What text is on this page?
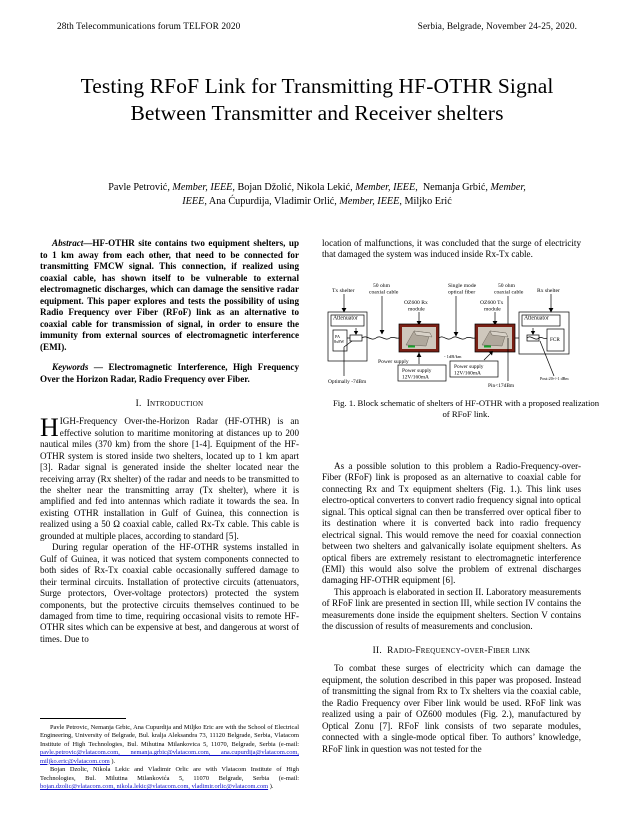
28th Telecommunications forum TELFOR 2020	Serbia, Belgrade, November 24-25, 2020.
Testing RFoF Link for Transmitting HF-OTHR Signal Between Transmitter and Receiver shelters
Pavle Petrović, Member, IEEE, Bojan Džolić, Nikola Lekić, Member, IEEE,  Nemanja Grbić, Member,
IEEE, Ana Ćupurdija, Vladimir Orlić, Member, IEEE, Miljko Erić

Abstract—HF-OTHR site contains two equipment shelters, up to 1 km away from each other, that need to be connected for transmitting FMCW signal. This connection, if realized using coaxial cable, has shown itself to be vulnerable to external electromagnetic discharges, which can damage the sensitive radar equipment. This paper explores and tests the possibility of using Radio Frequency over Fiber (RFoF) link as an alternative to coaxial cable for transmission of signal, in order to ensure the immunity from external sources of electromagnetic interference (EMI).

Keywords — Electromagnetic Interference, High Frequency Over the Horizon Radar, Radio Frequency over Fiber.

I. Introduction

HIGH-Frequency Over-the-Horizon Radar (HF-OTHR) is an effective solution to maritime monitoring at distances up to 200 nautical miles (370 km) from the shore [1-4]. Equipment of the HF-OTHR system is stored inside two shelters, located up to 1 km apart [3]. Radar signal is generated inside the shelter located near the receiving array (Rx shelter) of the radar and needs to be transmitted to the shelter near the transmitting array (Tx shelter), where it is amplified and fed into antennas which radiate it towards the sea. In existing OTHR installation in Gulf of Guinea, this connection is realized using a 50 Ω coaxial cable, called Rx-Tx cable. This cable is grounded at multiple places, according to standard [5].

During regular operation of the HF-OTHR systems installed in Gulf of Guinea, it was noticed that system components connected to both sides of Rx-Tx coaxial cable occasionally suffered damage to their terminal circuits. Installation of protective circuits (attenuators, Surge protectors, Over-voltage protectors) protected the system components, but the protective circuits themselves continued to be damaged from time to time, requiring occasional visits to remote HF-OTHR sites which can be expensive at best, and dangerous at worst of times. Due to

location of malfunctions, it was concluded that the surge of electricity that damaged the system was induced inside Rx-Tx cable.

As a possible solution to this problem a Radio-Frequency-over-Fiber (RFoF) link is proposed as an alternative to coaxial cable for connecting Rx and Tx equipment shelters (Fig. 1.). This link uses electro-optical converters to convert radio frequency signal into optical signal. This optical signal can then be transferred over optical fiber to its destination where it is converted back into radio frequency electrical signal. This would remove the need for coaxial connection between two shelters and galvanically isolate equipment shelters. As optical fibers are extremely resistant to electromagnetic interference (EMI) this would also solve the problem of extrenal discharges damaging HF-OTHR equipment [6].

This approach is elaborated in section II. Laboratory measurements of RFoF link are presented in section III, while section IV contains the measurements done inside the equipment shelters. Section V contains the discussion of results of measurements and conclusion.

II. Radio-Frequency-over-Fiber link

To combat these surges of electricity which can damage the equipment, the solution described in this paper was proposed. Instead of transmitting the signal from Rx to Tx shelters via the coaxial cable, the Radio Frequency over Fiber link would be used. RFoF link was realized using a pair of OZ600 modules (Fig. 2.), manufactured by Optical Zonu [7]. RFoF link consists of two separate modules, connected with a single-mode optical fiber. To authors’ knowledge, RFoF link in question was not tested for the

Tx shelter
50 ohm
coaxial cable
Single mode
optical fiber
50 ohm
coaxial cable Rx shelter
OZ600 Rx
module
OZ600 Tx
module
Power supply
Power supply
12V/160mA
Power supply
12V/160mA
Attenuator	Attenuator
PA
8x8W	FCR
Optimally -7dBm
- 1dB/km
Pin<17dBm
Pout:20+/-1 dBm
Fig. 1. Block schematic of shelters of HF-OTHR with a proposed realization of RFoF link.

Pavle Petrovic, Nemanja Grbic, Ana Cupurdija and Miljko Eric are with the School of Electrical Engineering, University of Belgrade, Bul. kralja Aleksandra 73, 11120 Belgrade, Serbia, Vlatacom Institute of High Technologies, Bul. Mihutina Milankovica 5, 11070, Belgrade, Serbia (e-mail: pavle.petrovic@vlatacom.com, nemanja.grbic@vlatacom.com, ana.cupurdija@vlatacom.com, miljko.eric@vlatacom.com ).

Bojan Dzolic, Nikola Lekic and Vladimir Orlic are with Vlatacom Institute of High Technologies, Bul. Milutina Milankovića 5, 11070 Belgrade, Serbia (e-mail: bojan.dzolic@vlatacom.com, nikola.lekic@vlatacom.com, vladimir.orlic@vlatacom.com ).
